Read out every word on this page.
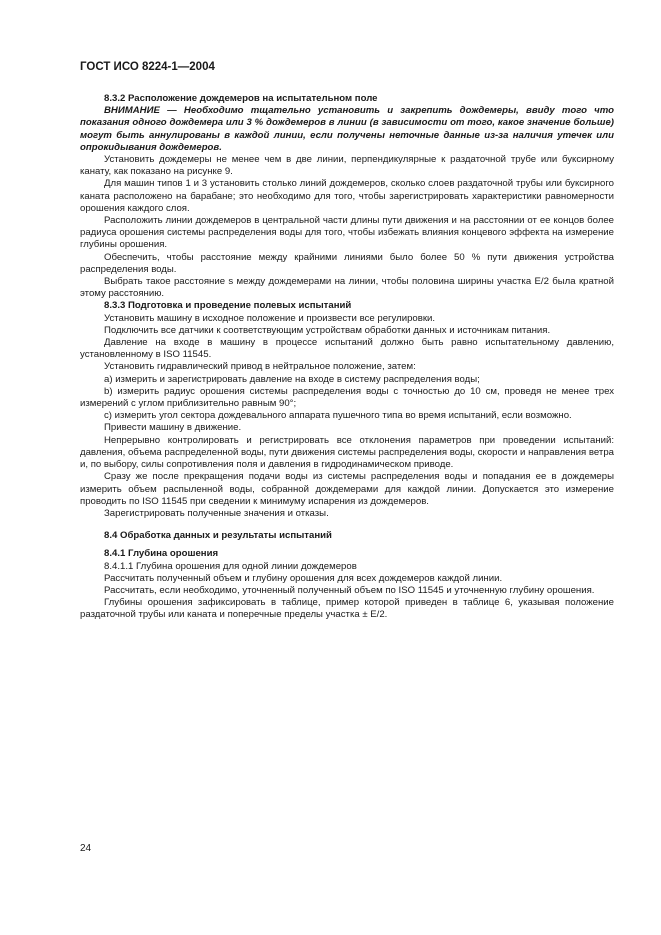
ГОСТ ИСО 8224-1—2004

8.3.2 Расположение дождемеров на испытательном поле

ВНИМАНИЕ — Необходимо тщательно установить и закрепить дождемеры, ввиду того что показания одного дождемера или 3 % дождемеров в линии (в зависимости от того, какое значение больше) могут быть аннулированы в каждой линии, если получены неточные данные из-за наличия утечек или опрокидывания дождемеров.

Установить дождемеры не менее чем в две линии, перпендикулярные к раздаточной трубе или буксирному канату, как показано на рисунке 9.

Для машин типов 1 и 3 установить столько линий дождемеров, сколько слоев раздаточной трубы или буксирного каната расположено на барабане; это необходимо для того, чтобы зарегистрировать характеристики равномерности орошения каждого слоя.

Расположить линии дождемеров в центральной части длины пути движения и на расстоянии от ее концов более радиуса орошения системы распределения воды для того, чтобы избежать влияния концевого эффекта на измерение глубины орошения.

Обеспечить, чтобы расстояние между крайними линиями было более 50 % пути движения устройства распределения воды.

Выбрать такое расстояние s между дождемерами на линии, чтобы половина ширины участка E/2 была кратной этому расстоянию.

8.3.3 Подготовка и проведение полевых испытаний

Установить машину в исходное положение и произвести все регулировки.

Подключить все датчики к соответствующим устройствам обработки данных и источникам питания.

Давление на входе в машину в процессе испытаний должно быть равно испытательному давлению, установленному в ISO 11545.

Установить гидравлический привод в нейтральное положение, затем:

a) измерить и зарегистрировать давление на входе в систему распределения воды;

b) измерить радиус орошения системы распределения воды с точностью до 10 см, проведя не менее трех измерений с углом приблизительно равным 90°;

c) измерить угол сектора дождевального аппарата пушечного типа во время испытаний, если возможно.

Привести машину в движение.

Непрерывно контролировать и регистрировать все отклонения параметров при проведении испытаний: давления, объема распределенной воды, пути движения системы распределения воды, скорости и направления ветра и, по выбору, силы сопротивления поля и давления в гидродинамическом приводе.

Сразу же после прекращения подачи воды из системы распределения воды и попадания ее в дождемеры измерить объем распыленной воды, собранной дождемерами для каждой линии. Допускается это измерение проводить по ISO 11545 при сведении к минимуму испарения из дождемеров.

Зарегистрировать полученные значения и отказы.

8.4 Обработка данных и результаты испытаний

8.4.1 Глубина орошения

8.4.1.1 Глубина орошения для одной линии дождемеров

Рассчитать полученный объем и глубину орошения для всех дождемеров каждой линии.

Рассчитать, если необходимо, уточненный полученный объем по ISO 11545 и уточненную глубину орошения.

Глубины орошения зафиксировать в таблице, пример которой приведен в таблице 6, указывая положение раздаточной трубы или каната и поперечные пределы участка ± E/2.

24
